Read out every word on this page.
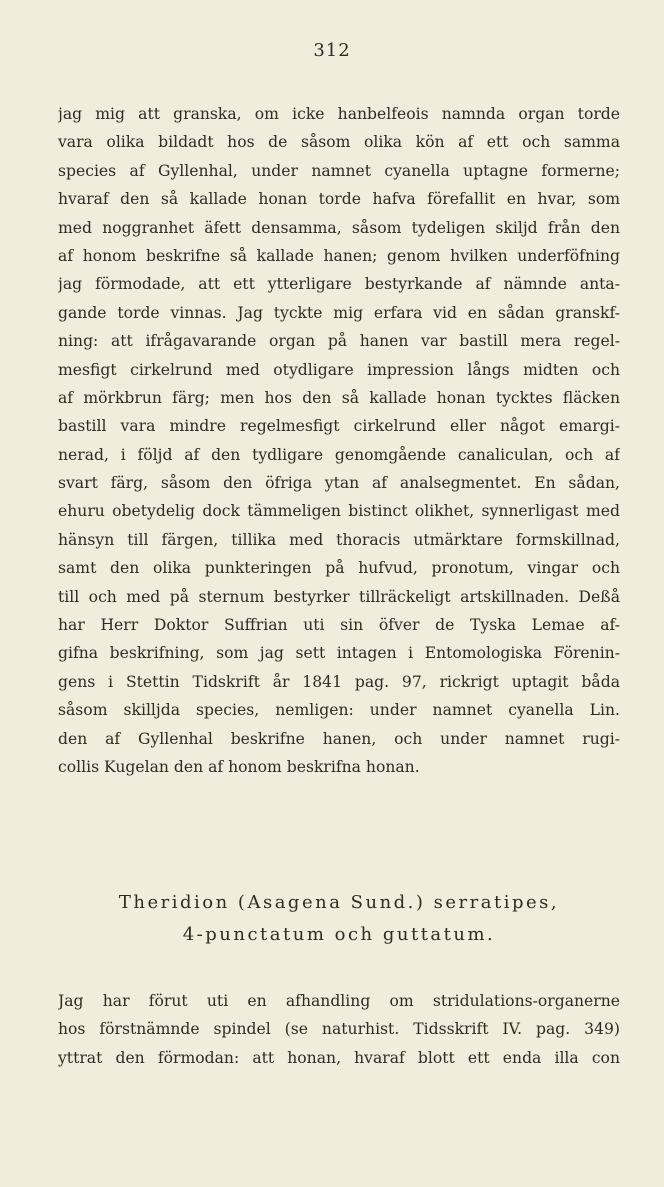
312
jag mig att granska, om icke hanbelfeois namnda organ torde
vara olika bildadt hos de såsom olika kön af ett och samma
species af Gyllenhal, under namnet cyanella uptagne formerne;
hvaraf den så kallade honan torde hafva förefallit en hvar, som
med noggranhet äfett densamma, såsom tydeligen skiljd från den
af honom beskrifne så kallade hanen; genom hvilken underföfning
jag förmodade, att ett ytterligare bestyrkande af nämnde anta-
gande torde vinnas. Jag tyckte mig erfara vid en sådan granskf-
ning: att ifrågavarande organ på hanen var bastill mera regel-
mesfigt cirkelrund med otydligare impression långs midten och
af mörkbrun färg; men hos den så kallade honan tycktes fläcken
bastill vara mindre regelmesfigt cirkelrund eller något emargi-
nerad, i följd af den tydligare genomgående canaliculan, och af
svart färg, såsom den öfriga ytan af analsegmentet. En sådan,
ehuru obetydelig dock tämmeligen bistinct olikhet, synnerligast med
hänsyn till färgen, tillika med thoracis utmärktare formskillnad,
samt den olika punkteringen på hufvud, pronotum, vingar och
till och med på sternum bestyrker tillräckeligt artskillnaden. Deßå
har Herr Doktor Suffrian uti sin öfver de Tyska Lemae af-
gifna beskrifning, som jag sett intagen i Entomologiska Förenin-
gens i Stettin Tidskrift år 1841 pag. 97, rickrigt uptagit båda
såsom skilljda species, nemligen: under namnet cyanella Lin.
den af Gyllenhal beskrifne hanen, och under namnet rugi-
collis Kugelan den af honom beskrifna honan.
Theridion (Asagena Sund.) serratipes,
4-punctatum och guttatum.
Jag har förut uti en afhandling om stridulations-organerne
hos förstnämnde spindel (se naturhist. Tidsskrift IV. pag. 349)
yttrat den förmodan: att honan, hvaraf blott ett enda illa con
